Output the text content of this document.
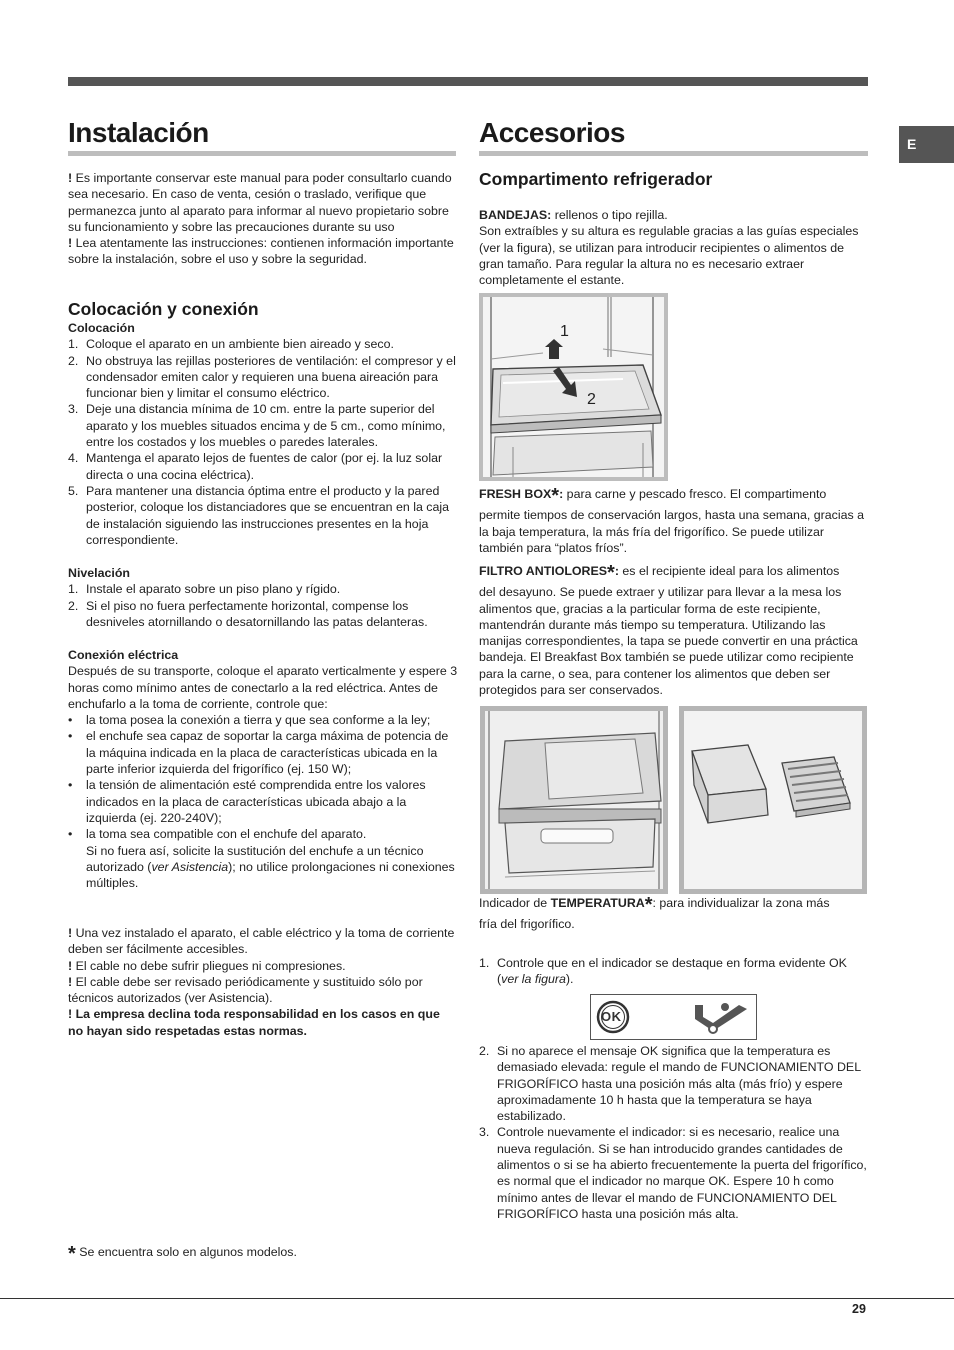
E
Instalación

! Es importante conservar este manual para poder consultarlo cuando sea necesario. En caso de venta, cesión o traslado, verifique que permanezca junto al aparato para informar al nuevo propietario sobre su funcionamiento y sobre las precauciones durante su uso

! Lea atentamente las instrucciones: contienen información importante sobre la instalación, sobre el uso y sobre la seguridad.

Colocación y conexión

Colocación

1. Coloque el aparato en un ambiente bien aireado y seco.
2. No obstruya las rejillas posteriores de ventilación: el compresor y el condensador emiten calor y requieren una buena aireación para funcionar bien y limitar el consumo eléctrico.
3. Deje una distancia mínima de 10 cm. entre la parte superior del aparato y los muebles situados encima y de 5 cm., como mínimo, entre los costados y los muebles o paredes laterales.
4. Mantenga el aparato lejos de fuentes de calor (por ej. la luz solar directa o una cocina eléctrica).
5. Para mantener una distancia óptima entre el producto y la pared posterior, coloque los distanciadores que se encuentran en la caja de instalación siguiendo las instrucciones presentes en la hoja correspondiente.

Nivelación

1. Instale el aparato sobre un piso plano y rígido.
2. Si el piso no fuera perfectamente horizontal, compense los desniveles atornillando o desatornillando las patas delanteras.

Conexión eléctrica

Después de su transporte, coloque el aparato verticalmente y espere 3 horas como mínimo antes de conectarlo a la red eléctrica. Antes de enchufarlo a la toma de corriente, controle que:

• la toma posea la conexión a tierra y que sea conforme a la ley;
• el enchufe sea capaz de soportar la carga máxima de potencia de la máquina indicada en la placa de características ubicada en la parte inferior izquierda del frigorífico (ej. 150 W);
• la tensión de alimentación esté comprendida entre los valores indicados en la placa de características ubicada abajo a la izquierda (ej. 220-240V);
• la toma sea compatible con el enchufe del aparato.
Si no fuera así, solicite la sustitución del enchufe a un técnico autorizado (ver Asistencia); no utilice prolongaciones ni conexiones múltiples.

! Una vez instalado el aparato, el cable eléctrico y la toma de corriente deben ser fácilmente accesibles.

! El cable no debe sufrir pliegues ni compresiones.

! El cable debe ser revisado periódicamente y sustituido sólo por técnicos autorizados (ver Asistencia).

! La empresa declina toda responsabilidad en los casos en que no hayan sido respetadas estas normas.

* Se encuentra solo en algunos modelos.
Accesorios
Compartimento refrigerador

BANDEJAS: rellenos o tipo rejilla.

Son extraíbles y su altura es regulable gracias a las guías especiales (ver la figura), se utilizan para introducir recipientes o alimentos de gran tamaño. Para regular la altura no es necesario extraer completamente el estante.

1
2

FRESH BOX*: para carne y pescado fresco. El compartimento

permite tiempos de conservación largos, hasta una semana, gracias a la baja temperatura, la más fría del frigorífico. Se puede utilizar también para “platos fríos”.

FILTRO ANTIOLORES*: es el recipiente ideal para los alimentos

del desayuno. Se puede extraer y utilizar para llevar a la mesa los alimentos que, gracias a la particular forma de este recipiente, mantendrán durante más tiempo su temperatura. Utilizando las manijas correspondientes, la tapa se puede convertir en una práctica bandeja. El Breakfast Box también se puede utilizar como recipiente para la carne, o sea, para contener los alimentos que deben ser protegidos para ser conservados.

Indicador de TEMPERATURA*: para individualizar la zona más

fría del frigorífico.

1. Controle que en el indicador se destaque en forma evidente OK (ver la figura).
OK
2. Si no aparece el mensaje OK significa que la temperatura es demasiado elevada: regule el mando de FUNCIONAMIENTO DEL FRIGORÍFICO hasta una posición más alta (más frío) y espere aproximadamente 10 h hasta que la temperatura se haya estabilizado.
3. Controle nuevamente el indicador: si es necesario, realice una nueva regulación. Si se han introducido grandes cantidades de alimentos o si se ha abierto frecuentemente la puerta del frigorífico, es normal que el indicador no marque OK. Espere 10 h como mínimo antes de llevar el mando de FUNCIONAMIENTO DEL FRIGORÍFICO hasta una posición más alta.
29
